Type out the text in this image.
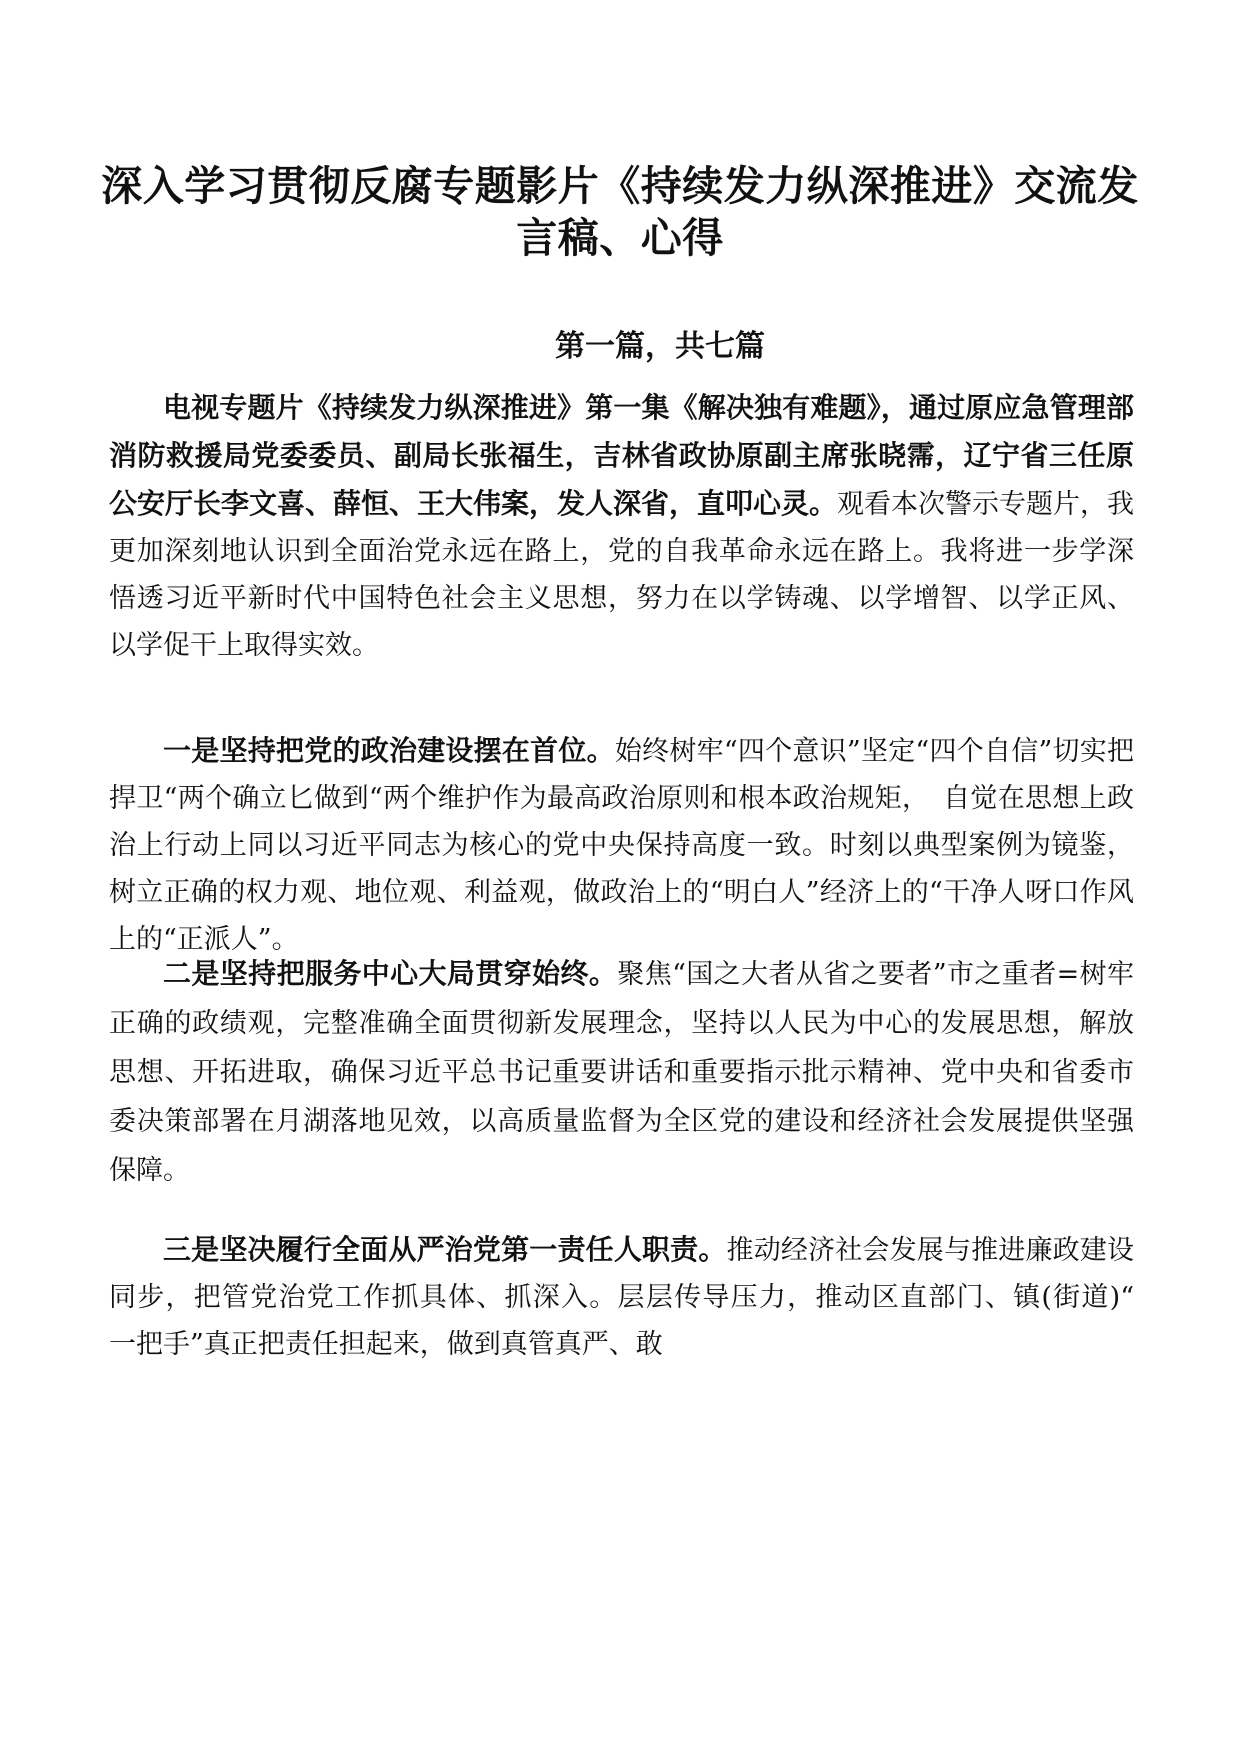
深入学习贯彻反腐专题影片《持续发力纵深推进》交流发言稿、心得
第一篇，共七篇

电视专题片《持续发力纵深推进》第一集《解决独有难题》，通过原应急管理部消防救援局党委委员、副局长张福生，吉林省政协原副主席张晓霈，辽宁省三任原公安厅长李文喜、薛恒、王大伟案，发人深省，直叩心灵。观看本次警示专题片，我更加深刻地认识到全面治党永远在路上，党的自我革命永远在路上。我将进一步学深悟透习近平新时代中国特色社会主义思想，努力在以学铸魂、以学增智、以学正风、以学促干上取得实效。

一是坚持把党的政治建设摆在首位。始终树牢“四个意识”坚定“四个自信”切实把捍卫“两个确立匕做到“两个维护作为最高政治原则和根本政治规矩，　自觉在思想上政治上行动上同以习近平同志为核心的党中央保持高度一致。时刻以典型案例为镜鉴，树立正确的权力观、地位观、利益观，做政治上的“明白人”经济上的“干净人呀口作风上的“正派人”。

二是坚持把服务中心大局贯穿始终。聚焦“国之大者从省之要者”市之重者=树牢正确的政绩观，完整准确全面贯彻新发展理念，坚持以人民为中心的发展思想，解放思想、开拓进取，确保习近平总书记重要讲话和重要指示批示精神、党中央和省委市委决策部署在月湖落地见效，以高质量监督为全区党的建设和经济社会发展提供坚强保障。

三是坚决履行全面从严治党第一责任人职责。推动经济社会发展与推进廉政建设同步，把管党治党工作抓具体、抓深入。层层传导压力，推动区直部门、镇(街道)“　一把手”真正把责任担起来，做到真管真严、敢
